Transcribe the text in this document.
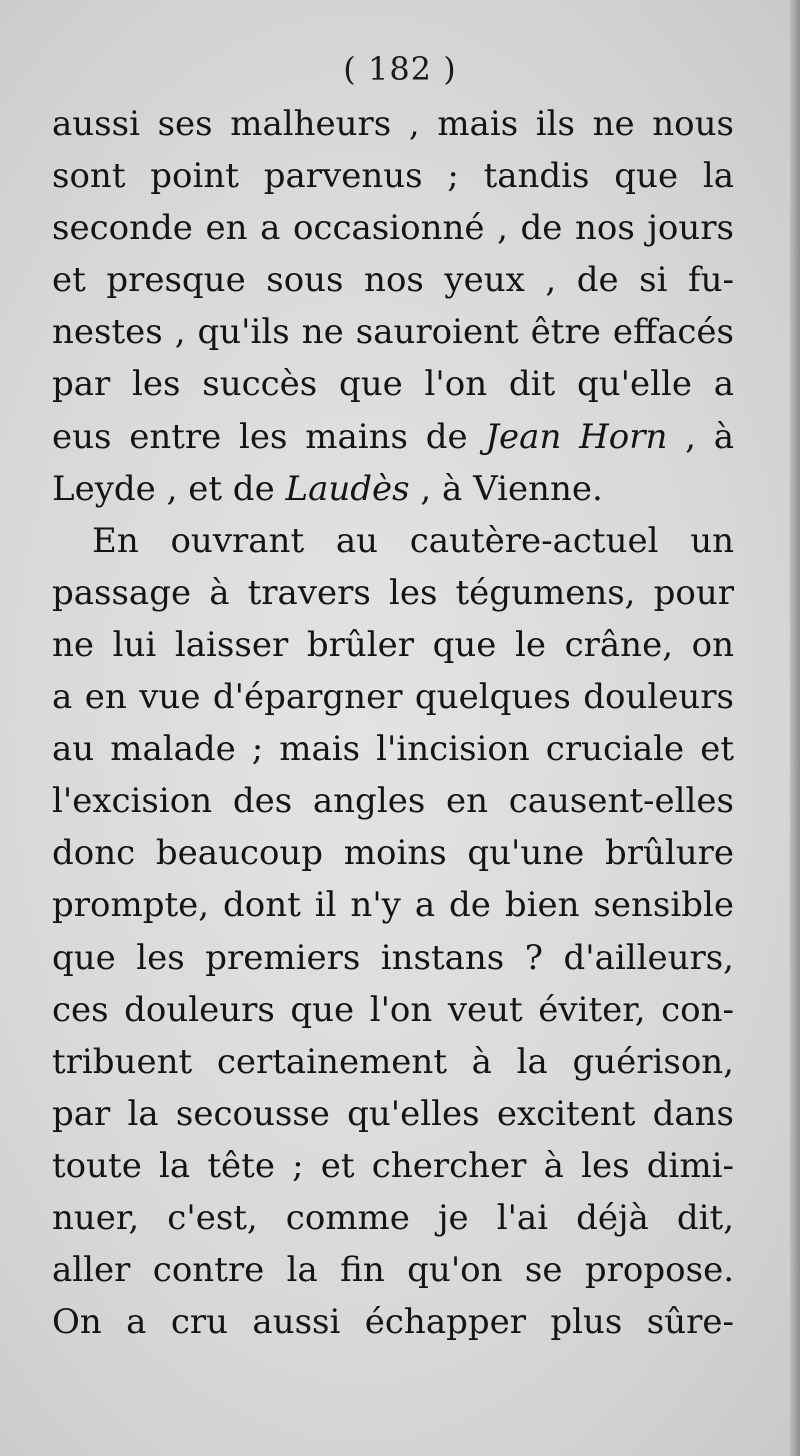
( 182 )
aussi ses malheurs , mais ils ne nous
sont point parvenus ; tandis que la
seconde en a occasionné , de nos jours
et presque sous nos yeux , de si fu-
nestes , qu'ils ne sauroient être effacés
par les succès que l'on dit qu'elle a
eus entre les mains de Jean Horn , à
Leyde , et de Laudès , à Vienne.
En ouvrant au cautère-actuel un
passage à travers les tégumens, pour
ne lui laisser brûler que le crâne, on
a en vue d'épargner quelques douleurs
au malade ; mais l'incision cruciale et
l'excision des angles en causent-elles
donc beaucoup moins qu'une brûlure
prompte, dont il n'y a de bien sensible
que les premiers instans ? d'ailleurs,
ces douleurs que l'on veut éviter, con-
tribuent certainement à la guérison,
par la secousse qu'elles excitent dans
toute la tête ; et chercher à les dimi-
nuer, c'est, comme je l'ai déjà dit,
aller contre la fin qu'on se propose.
On a cru aussi échapper plus sûre-
